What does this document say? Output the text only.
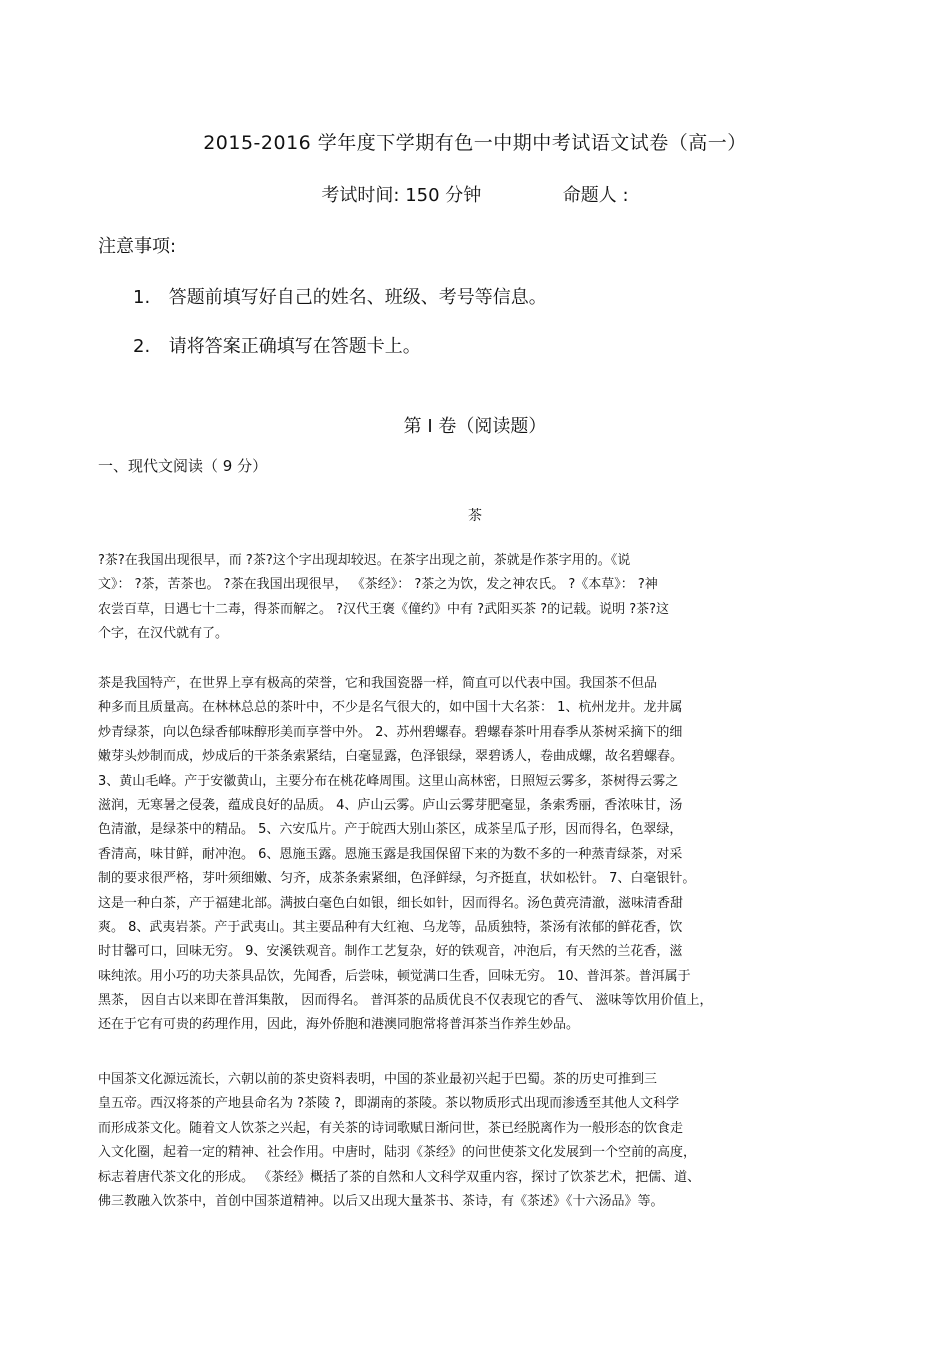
2015-2016 学年度下学期有色一中期中考试语文试卷（高一）
考试时间: 150 分钟	命题人 :
注意事项:
1. 答题前填写好自己的姓名、班级、考号等信息。
2. 请将答案正确填写在答题卡上。
第 Ⅰ 卷（阅读题）
一、现代文阅读（ 9 分）
茶
?茶?在我国出现很早，而 ?茶?这个字出现却较迟。在茶字出现之前，茶就是作茶字用的。《说
文》： ?茶，苦茶也。 ?茶在我国出现很早， 《茶经》： ?茶之为饮，发之神农氏。 ?《本草》： ?神
农尝百草，日遇七十二毒，得茶而解之。 ?汉代王褒《僮约》中有 ?武阳买茶 ?的记载。说明 ?茶?这
个字，在汉代就有了。
茶是我国特产，在世界上享有极高的荣誉，它和我国瓷器一样，简直可以代表中国。我国茶不但品
种多而且质量高。在林林总总的茶叶中，不少是名气很大的，如中国十大名茶： 1、杭州龙井。龙井属
炒青绿茶，向以色绿香郁味醇形美而享誉中外。 2、苏州碧螺春。碧螺春茶叶用春季从茶树采摘下的细
嫩芽头炒制而成，炒成后的干茶条索紧结，白毫显露，色泽银绿，翠碧诱人，卷曲成螺，故名碧螺春。
3、黄山毛峰。产于安徽黄山，主要分布在桃花峰周围。这里山高林密，日照短云雾多，茶树得云雾之
滋润，无寒暑之侵袭，蕴成良好的品质。 4、庐山云雾。庐山云雾芽肥毫显，条索秀丽，香浓味甘，汤
色清澈，是绿茶中的精品。 5、六安瓜片。产于皖西大别山茶区，成茶呈瓜子形，因而得名，色翠绿，
香清高，味甘鲜，耐冲泡。 6、恩施玉露。恩施玉露是我国保留下来的为数不多的一种蒸青绿茶，对采
制的要求很严格，芽叶须细嫩、匀齐，成茶条索紧细，色泽鲜绿，匀齐挺直，状如松针。 7、白毫银针。
这是一种白茶，产于福建北部。满披白毫色白如银，细长如针，因而得名。汤色黄亮清澈，滋味清香甜
爽。 8、武夷岩茶。产于武夷山。其主要品种有大红袍、乌龙等，品质独特，茶汤有浓郁的鲜花香，饮
时甘馨可口，回味无穷。 9、安溪铁观音。制作工艺复杂，好的铁观音，冲泡后，有天然的兰花香，滋
味纯浓。用小巧的功夫茶具品饮，先闻香，后尝味，顿觉满口生香，回味无穷。 10、普洱茶。普洱属于
黑茶， 因自古以来即在普洱集散， 因而得名。 普洱茶的品质优良不仅表现它的香气、 滋味等饮用价值上，
还在于它有可贵的药理作用，因此，海外侨胞和港澳同胞常将普洱茶当作养生妙品。
中国茶文化源远流长，六朝以前的茶史资料表明，中国的茶业最初兴起于巴蜀。茶的历史可推到三
皇五帝。西汉将茶的产地县命名为 ?茶陵 ?，即湖南的茶陵。茶以物质形式出现而渗透至其他人文科学
而形成茶文化。随着文人饮茶之兴起，有关茶的诗词歌赋日渐问世，茶已经脱离作为一般形态的饮食走
入文化圈，起着一定的精神、社会作用。中唐时，陆羽《茶经》的问世使茶文化发展到一个空前的高度，
标志着唐代茶文化的形成。 《茶经》概括了茶的自然和人文科学双重内容，探讨了饮茶艺术，把儒、道、
佛三教融入饮茶中，首创中国茶道精神。以后又出现大量茶书、茶诗，有《茶述》《十六汤品》等。
